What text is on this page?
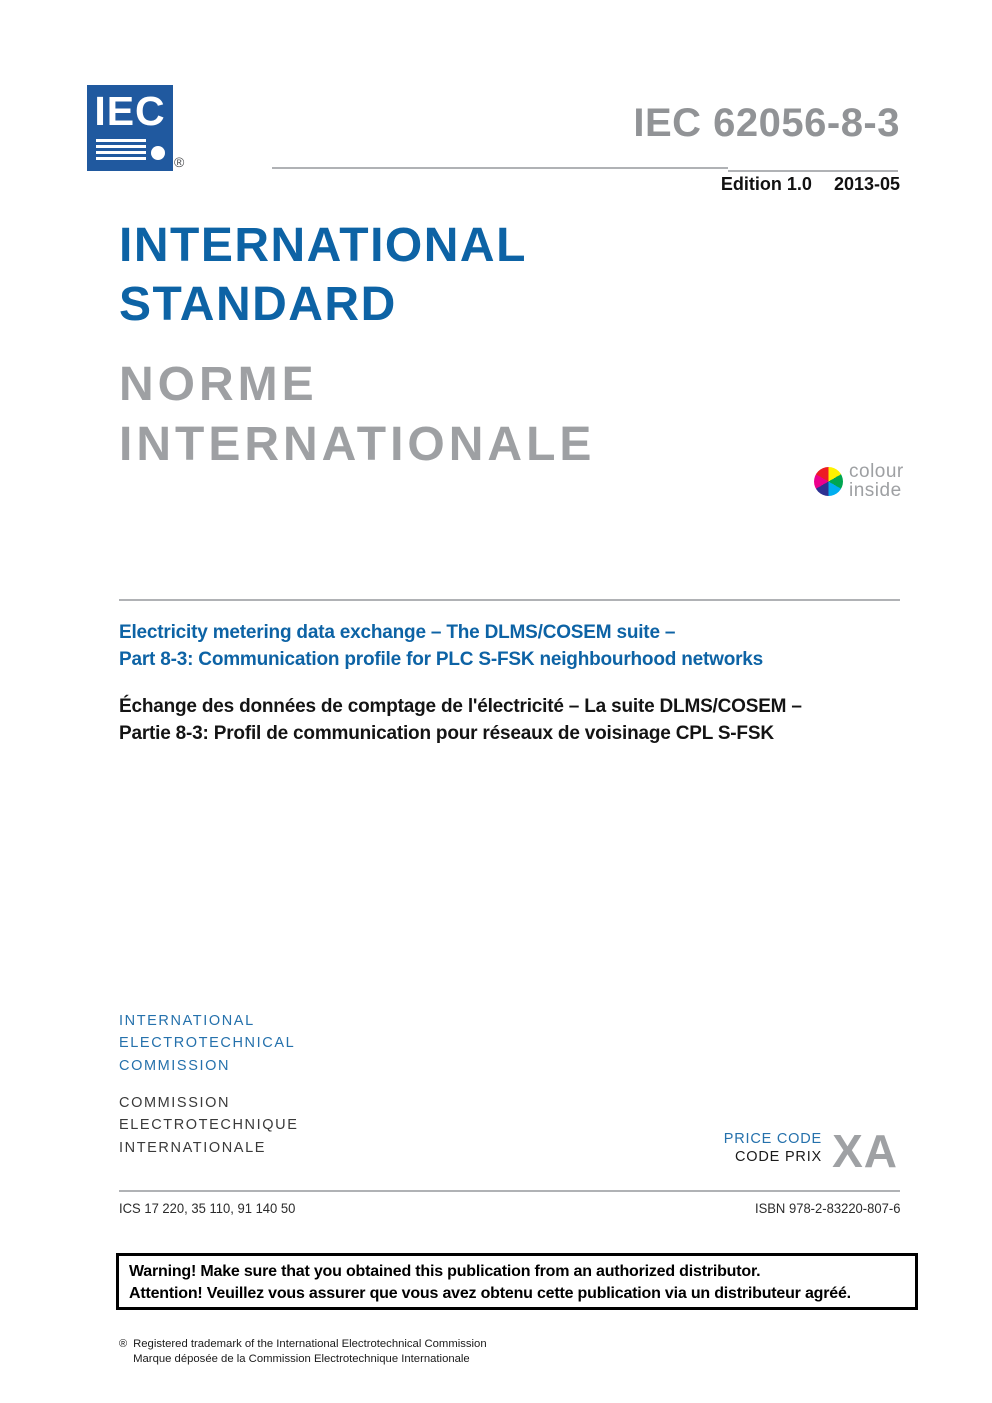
IEC
®
IEC 62056-8-3
Edition 1.0 2013-05
INTERNATIONAL
STANDARD
NORME
INTERNATIONALE
colour
inside
Electricity metering data exchange – The DLMS/COSEM suite –
Part 8-3: Communication profile for PLC S-FSK neighbourhood networks
Échange des données de comptage de l'électricité – La suite DLMS/COSEM –
Partie 8-3: Profil de communication pour réseaux de voisinage CPL S-FSK
INTERNATIONAL
ELECTROTECHNICAL
COMMISSION
COMMISSION
ELECTROTECHNIQUE
INTERNATIONALE
PRICE CODE
CODE PRIX XA
ICS 17 220, 35 110, 91 140 50	ISBN 978-2-83220-807-6
Warning! Make sure that you obtained this publication from an authorized distributor.
Attention! Veuillez vous assurer que vous avez obtenu cette publication via un distributeur agréé.
® Registered trademark of the International Electrotechnical Commission
Marque déposée de la Commission Electrotechnique Internationale
